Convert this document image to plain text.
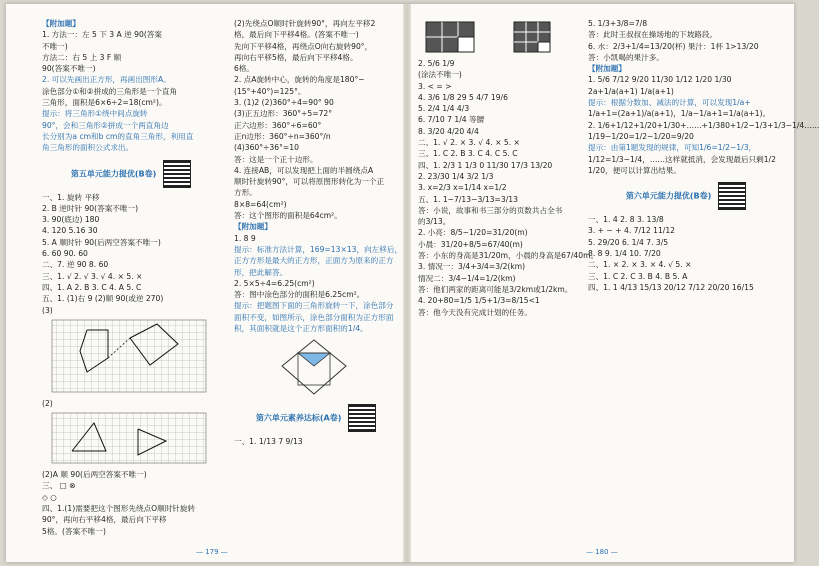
【附加题】
1. 方法一：左 5 下 3 A 逆 90(答案
不唯一)
方法二：右 5 上 3 F 顺
90(答案不唯一)
2. 可以先画出正方形，再画出图形A。
涂色部分①和②拼成的三角形是一个直角
三角形，面积是6×6÷2=18(cm²)。
提示：将三角形①绕中间点旋转
90°，会和三角形②拼成一个两直角边
长分别为a cm和b cm的直角三角形，利用直
角三角形的面积公式求出。
第五单元能力提优(B卷)
一、1. 旋转 平移
2. B 逆时针 90(答案不唯一)
3. 90(底边) 180
4. 120 5.16 30
5. A 顺时针 90(后两空答案不唯一)
6. 60 90. 60
二、7. 逆 90 8. 60
三、1. √ 2. √ 3. √ 4. × 5. ×
四、1. A 2. B 3. C 4. A 5. C
五、1. (1)右 9 (2)顺 90(或逆 270)
(3)
(2)
(2)A 顺 90(后两空答案不唯一)
三、 □ ⊗
◇ ○
四、1.(1)需要把这个图形先绕点O顺时针旋转
90°，再向右平移4格，最后向下平移
5格。(答案不唯一)
(2)先绕点O顺时针旋转90°，再向左平移2
格，最后向下平移4格。(答案不唯一)
先向下平移4格，再绕点O向右旋转90°，
再向右平移5格，最后向下平移4格。
6格。
2. 点A旋转中心，旋转的角度是180°−
(15°+40°)=125°。
3. (1)2 (2)360°÷4=90° 90
(3)正五边形：360°÷5=72°
正六边形：360°÷6=60°
正n边形：360°÷n=360°/n
(4)360°÷36°=10
答：这是一个正十边形。
4. 连接AB，可以发现把上面的半圆绕点A
顺时针旋转90°，可以将原图形转化为一个正
方形。
8×8=64(cm²)
答：这个图形的面积是64cm²。
【附加题】
1. 8 9
提示：标准方法计算，169=13×13，向左移后，
正方方形是最大的正方形，正面方为原来的正方
形，把此解答。
2. 5×5÷4=6.25(cm²)
答：图中涂色部分的面积是6.25cm²。
提示：把题图下面的三角形旋转一下，涂色部分
面积不变，如图所示，涂色部分面积为正方形面
积，其面积就是这个正方形面积的1/4。
第六单元素养达标(A卷)
一、1. 1/13 7 9/13
2. 5/6 1/9
(涂法不唯一)
3. < = >
4. 3/6 1/8 29 5 4/7 19/6
5. 2/4 1/4 4/3
6. 7/10 7 1/4 等腰
8. 3/20 4/20 4/4
二、1. √ 2. × 3. √ 4. × 5. ×
三、1. C 2. B 3. C 4. C 5. C
四、1. 2/3 1 1/3 0 11/30 17/3 13/20
2. 23/30 1/4 3/2 1/3
3. x=2/3 x=1/14 x=1/2
五、1. 1−7/13−3/13=3/13
答：小说，故事和书三部分的页数共占全书
的3/13。
2. 小亮：8/5−1/20=31/20(m)
小晨：31/20+8/5=67/40(m)
答：小东的身高是31/20m，小晨的身高是67/40m。
3. 情况一：3/4+3/4=3/2(km)
情况二：3/4−1/4=1/2(km)
答：他们两家的距离可能是3/2km或1/2km。
4. 20+80=1/5 1/5+1/3=8/15<1
答：他今天没有完成计划的任务。
5. 1/3+3/8=7/8
答：此时王叔叔在操场地的下坡路段。
6. 水：2/3+1/4=13/20(杯) 果汁：1杯 1>13/20
答：小凯喝的果汁多。
【附加题】
1. 5/6 7/12 9/20 11/30 1/12 1/20 1/30
2a+1/a(a+1) 1/a(a+1)
提示：根据分数加、减法的计算，可以发现1/a+
1/a+1=(2a+1)/a(a+1)，1/a−1/a+1=1/a(a+1)。
2. 1/6+1/12+1/20+1/30+……+1/380+1/2−1/3+1/3−1/4……
1/19−1/20=1/2−1/20=9/20
提示：由第1题发现的规律，可知1/6=1/2−1/3，
1/12=1/3−1/4，……这样就抵消，会发现最后只剩1/2
1/20，便可以计算出结果。
第六单元能力提优(B卷)
一、1. 4 2. 8 3. 13/8
3. + − + 4. 7/12 11/12
5. 29/20 6. 1/4 7. 3/5
8. 8 9. 1/4 10. 7/20
二、1. × 2. × 3. × 4. √ 5. ×
三、1. C 2. C 3. B 4. B 5. A
四、1. 1 4/13 15/13 20/12 7/12 20/20 16/15
— 179 —	— 180 —
